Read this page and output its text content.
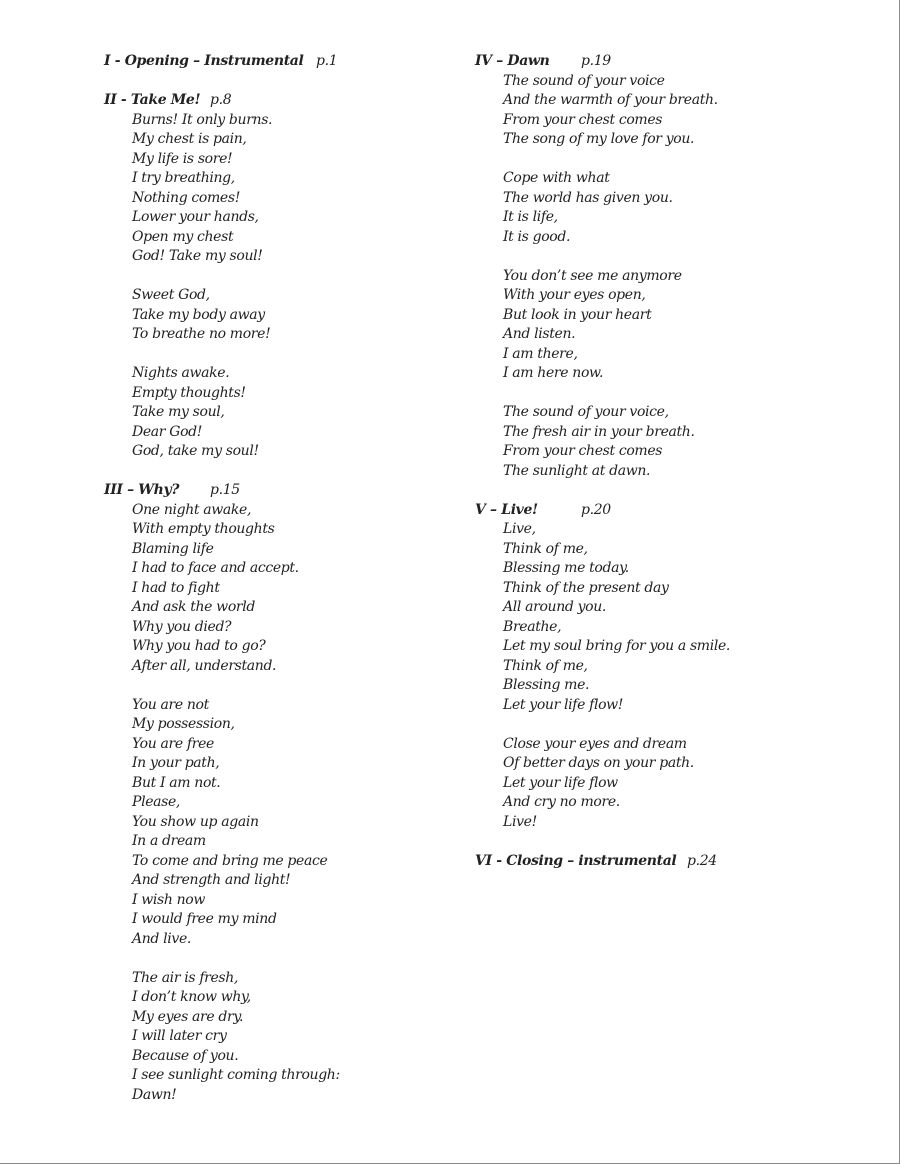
I - Opening – Instrumental p.1
II - Take Me! p.8
Burns! It only burns.
My chest is pain,
My life is sore!
I try breathing,
Nothing comes!
Lower your hands,
Open my chest
God! Take my soul!
Sweet God,
Take my body away
To breathe no more!
Nights awake.
Empty thoughts!
Take my soul,
Dear God!
God, take my soul!
III – Why? p.15
One night awake,
With empty thoughts
Blaming life
I had to face and accept.
I had to fight
And ask the world
Why you died?
Why you had to go?
After all, understand.
You are not
My possession,
You are free
In your path,
But I am not.
Please,
You show up again
In a dream
To come and bring me peace
And strength and light!
I wish now
I would free my mind
And live.
The air is fresh,
I don’t know why,
My eyes are dry.
I will later cry
Because of you.
I see sunlight coming through:
Dawn!
IV – Dawn p.19
The sound of your voice
And the warmth of your breath.
From your chest comes
The song of my love for you.
Cope with what
The world has given you.
It is life,
It is good.
You don’t see me anymore
With your eyes open,
But look in your heart
And listen.
I am there,
I am here now.
The sound of your voice,
The fresh air in your breath.
From your chest comes
The sunlight at dawn.
V – Live!	p.20
Live,
Think of me,
Blessing me today.
Think of the present day
All around you.
Breathe,
Let my soul bring for you a smile.
Think of me,
Blessing me.
Let your life flow!
Close your eyes and dream
Of better days on your path.
Let your life flow
And cry no more.
Live!
VI - Closing – instrumental p.24
